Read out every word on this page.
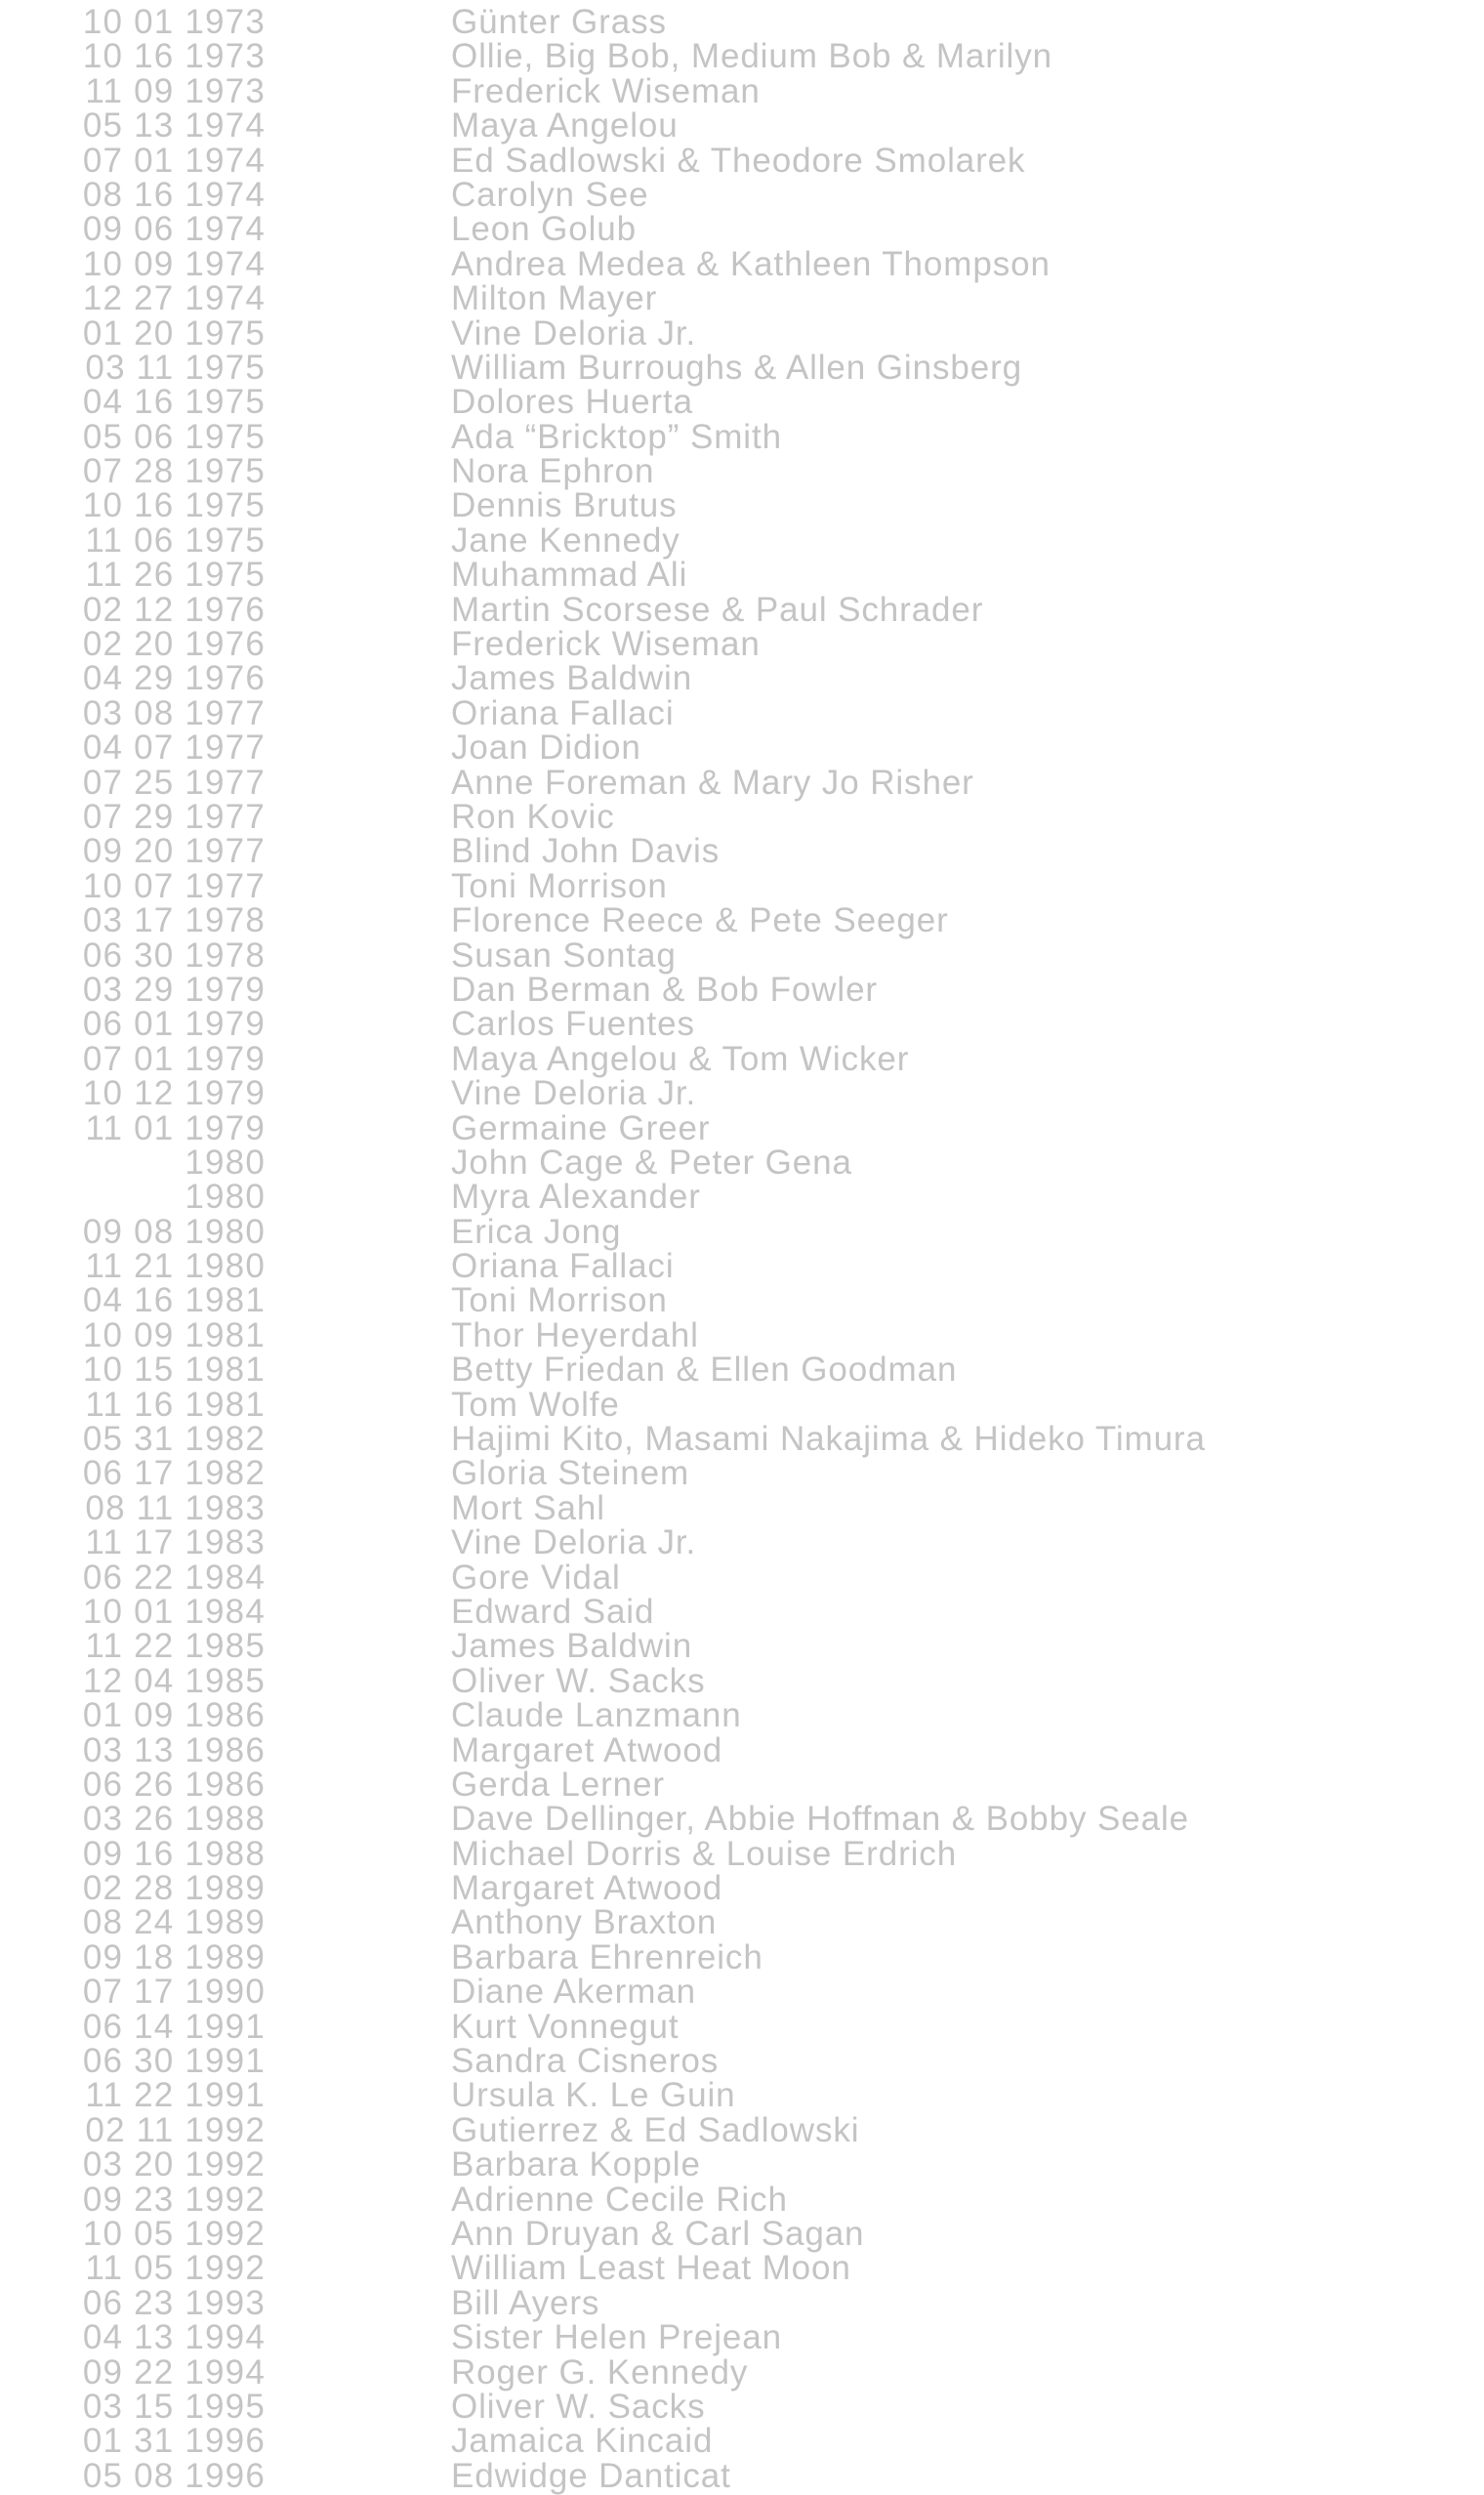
10 01 1973	Günter Grass
10 16 1973	Ollie, Big Bob, Medium Bob & Marilyn
11 09 1973	Frederick Wiseman
05 13 1974	Maya Angelou
07 01 1974	Ed Sadlowski & Theodore Smolarek
08 16 1974	Carolyn See
09 06 1974	Leon Golub
10 09 1974	Andrea Medea & Kathleen Thompson
12 27 1974	Milton Mayer
01 20 1975	Vine Deloria Jr.
03 11 1975	William Burroughs & Allen Ginsberg
04 16 1975	Dolores Huerta
05 06 1975	Ada “Bricktop” Smith
07 28 1975	Nora Ephron
10 16 1975	Dennis Brutus
11 06 1975	Jane Kennedy
11 26 1975	Muhammad Ali
02 12 1976	Martin Scorsese & Paul Schrader
02 20 1976	Frederick Wiseman
04 29 1976	James Baldwin
03 08 1977	Oriana Fallaci
04 07 1977	Joan Didion
07 25 1977	Anne Foreman & Mary Jo Risher
07 29 1977	Ron Kovic
09 20 1977	Blind John Davis
10 07 1977	Toni Morrison
03 17 1978	Florence Reece & Pete Seeger
06 30 1978	Susan Sontag
03 29 1979	Dan Berman & Bob Fowler
06 01 1979	Carlos Fuentes
07 01 1979	Maya Angelou & Tom Wicker
10 12 1979	Vine Deloria Jr.
11 01 1979	Germaine Greer
1980	John Cage & Peter Gena
1980	Myra Alexander
09 08 1980	Erica Jong
11 21 1980	Oriana Fallaci
04 16 1981	Toni Morrison
10 09 1981	Thor Heyerdahl
10 15 1981	Betty Friedan & Ellen Goodman
11 16 1981	Tom Wolfe
05 31 1982	Hajimi Kito, Masami Nakajima & Hideko Timura
06 17 1982	Gloria Steinem
08 11 1983	Mort Sahl
11 17 1983	Vine Deloria Jr.
06 22 1984	Gore Vidal
10 01 1984	Edward Said
11 22 1985	James Baldwin
12 04 1985	Oliver W. Sacks
01 09 1986	Claude Lanzmann
03 13 1986	Margaret Atwood
06 26 1986	Gerda Lerner
03 26 1988	Dave Dellinger, Abbie Hoffman & Bobby Seale
09 16 1988	Michael Dorris & Louise Erdrich
02 28 1989	Margaret Atwood
08 24 1989	Anthony Braxton
09 18 1989	Barbara Ehrenreich
07 17 1990	Diane Akerman
06 14 1991	Kurt Vonnegut
06 30 1991	Sandra Cisneros
11 22 1991	Ursula K. Le Guin
02 11 1992	Gutierrez & Ed Sadlowski
03 20 1992	Barbara Kopple
09 23 1992	Adrienne Cecile Rich
10 05 1992	Ann Druyan & Carl Sagan
11 05 1992	William Least Heat Moon
06 23 1993	Bill Ayers
04 13 1994	Sister Helen Prejean
09 22 1994	Roger G. Kennedy
03 15 1995	Oliver W. Sacks
01 31 1996	Jamaica Kincaid
05 08 1996	Edwidge Danticat
